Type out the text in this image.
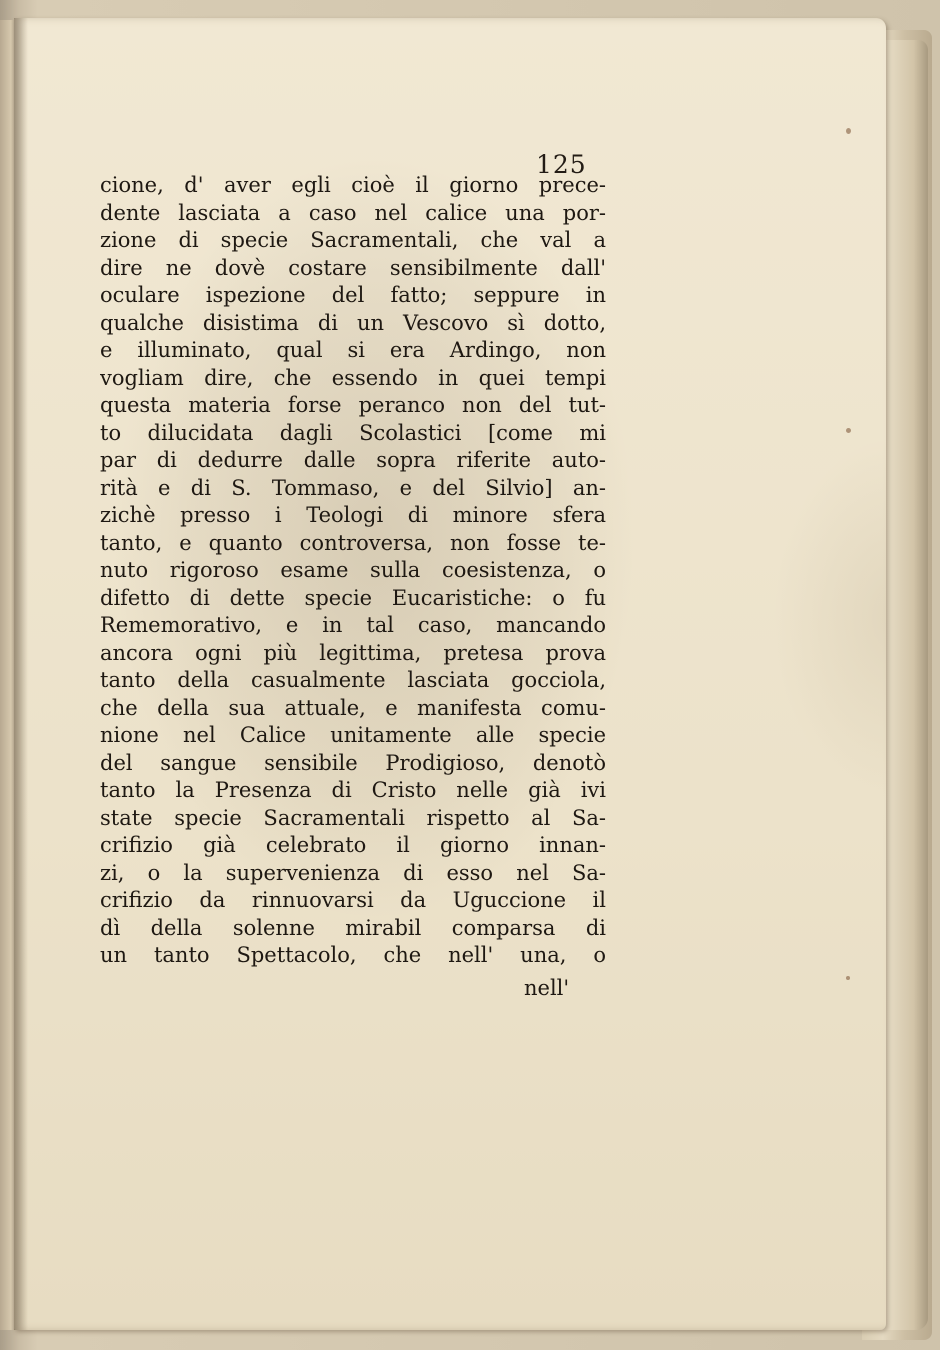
125
cione, d' aver egli cioè il giorno prece-
dente lasciata a caso nel calice una por-
zione di specie Sacramentali, che val a
dire ne dovè costare sensibilmente dall'
oculare ispezione del fatto; seppure in
qualche disistima di un Vescovo sì dotto,
e illuminato, qual si era Ardingo, non
vogliam dire, che essendo in quei tempi
questa materia forse peranco non del tut-
to dilucidata dagli Scolastici [come mi
par di dedurre dalle sopra riferite auto-
rità e di S. Tommaso, e del Silvio] an-
zichè presso i Teologi di minore sfera
tanto, e quanto controversa, non fosse te-
nuto rigoroso esame sulla coesistenza, o
difetto di dette specie Eucaristiche: o fu
Rememorativo, e in tal caso, mancando
ancora ogni più legittima, pretesa prova
tanto della casualmente lasciata gocciola,
che della sua attuale, e manifesta comu-
nione nel Calice unitamente alle specie
del sangue sensibile Prodigioso, denotò
tanto la Presenza di Cristo nelle già ivi
state specie Sacramentali rispetto al Sa-
crifizio già celebrato il giorno innan-
zi, o la supervenienza di esso nel Sa-
crifizio da rinnuovarsi da Uguccione il
dì della solenne mirabil comparsa di
un tanto Spettacolo, che nell' una, o
nell'
